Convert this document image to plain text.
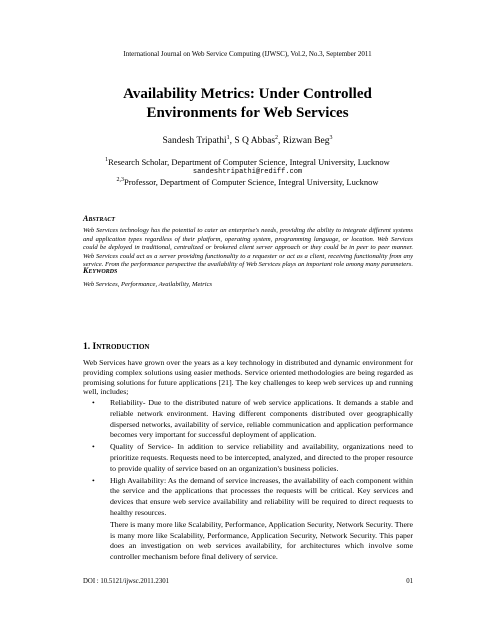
International Journal on Web Service Computing (IJWSC), Vol.2, No.3, September 2011
Availability Metrics: Under Controlled
Environments for Web Services
Sandesh Tripathi$^1$, S Q Abbas$^2$, Rizwan Beg$^3$
$^1$Research Scholar, Department of Computer Science, Integral University, Lucknow
sandeshtripathi@rediff.com
$^{2,3}$Professor, Department of Computer Science, Integral University, Lucknow
Abstract
Web Services technology has the potential to cater an enterprise's needs, providing the ability to integrate different systems and application types regardless of their platform, operating system, programming language, or location. Web Services could be deployed in traditional, centralized or brokered client server approach or they could be in peer to peer manner. Web Services could act as a server providing functionality to a requester or act as a client, receiving functionality from any service. From the performance perspective the availability of Web Services plays an important role among many parameters.
Keywords
Web Services, Performance, Availability, Metrics
1. Introduction
Web Services have grown over the years as a key technology in distributed and dynamic environment for providing complex solutions using easier methods. Service oriented methodologies are being regarded as promising solutions for future applications [21]. The key challenges to keep web services up and running well, includes;
• Reliability- Due to the distributed nature of web service applications. It demands a stable and reliable network environment. Having different components distributed over geographically dispersed networks, availability of service, reliable communication and application performance becomes very important for successful deployment of application.
• Quality of Service- In addition to service reliability and availability, organizations need to prioritize requests. Requests need to be intercepted, analyzed, and directed to the proper resource to provide quality of service based on an organization's business policies.
• High Availability: As the demand of service increases, the availability of each component within the service and the applications that processes the requests will be critical. Key services and devices that ensure web service availability and reliability will be required to direct requests to healthy resources.
There is many more like Scalability, Performance, Application Security, Network Security. There is many more like Scalability, Performance, Application Security, Network Security. This paper does an investigation on web services availability, for architectures which involve some controller mechanism before final delivery of service.
DOI : 10.5121/ijwsc.2011.2301	01
